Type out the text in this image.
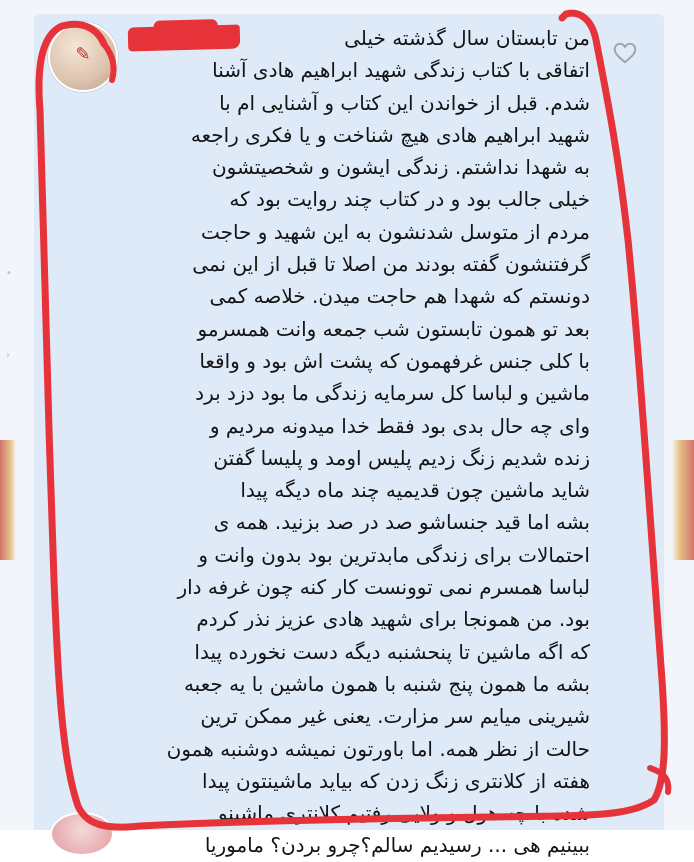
•
›
✎
من تابستان سال گذشته خیلی
اتفاقی با کتاب زندگی شهید ابراهیم هادی آشنا
شدم. قبل از خواندن این کتاب و آشنایی ام با
شهید ابراهیم هادی هیچ شناخت و یا فکری راجعه
به شهدا نداشتم. زندگی ایشون و شخصیتشون
خیلی جالب بود و در کتاب چند روایت بود که
مردم از متوسل شدنشون به این شهید و حاجت
گرفتنشون گفته بودند من اصلا تا قبل از این نمی
دونستم که شهدا هم حاجت میدن. خلاصه کمی
بعد تو همون تابستون شب جمعه وانت همسرمو
با کلی جنس غرفهمون که پشت اش بود و واقعا
ماشین و لباسا کل سرمایه زندگی ما بود دزد برد
وای چه حال بدی بود فقط خدا میدونه مردیم و
زنده شدیم زنگ زدیم پلیس اومد و پلیسا گفتن
شاید ماشین چون قدیمیه چند ماه دیگه پیدا
بشه اما قید جنساشو صد در صد بزنید. همه ی
احتمالات برای زندگی مابدترین بود بدون وانت و
لباسا همسرم نمی توونست کار کنه چون غرفه دار
بود. من همونجا برای شهید هادی عزیز نذر کردم
که اگه ماشین تا پنحشنبه دیگه دست نخورده پیدا
بشه ما همون پنج شنبه با همون ماشین با یه جعبه
شیرینی میایم سر مزارت. یعنی غیر ممکن ترین
حالت از نظر همه. اما باورتون نمیشه دوشنبه همون
هفته از کلانتری زنگ زدن که بیاید ماشینتون پیدا
شده با چه هول و ولایی رفتیم کلانتری ماشینو
ببینیم هی ... رسیدیم سالم؟چرو بردن؟ ماموریا
